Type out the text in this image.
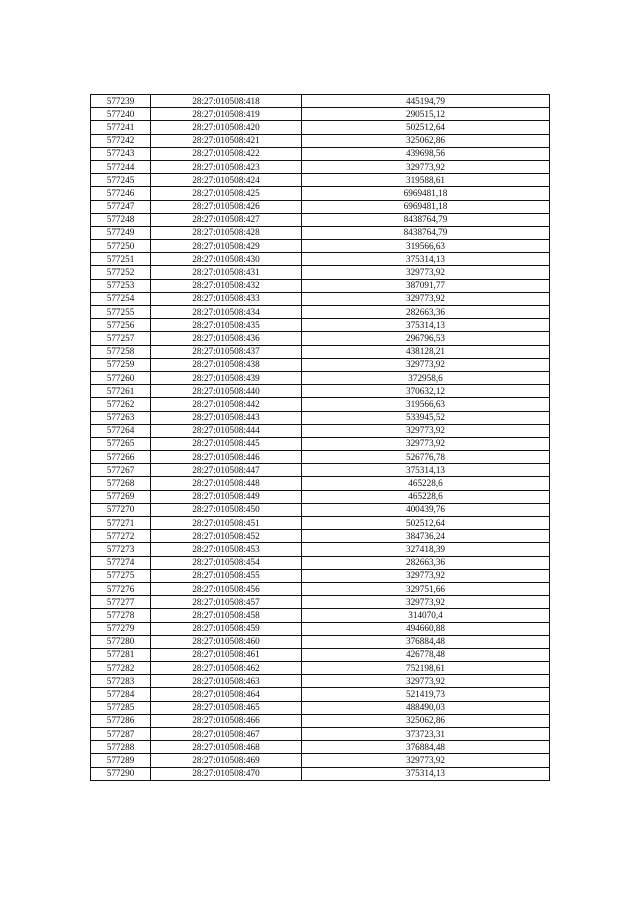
577239	28:27:010508:418	445194,79
577240	28:27:010508:419	290515,12
577241	28:27:010508:420	502512,64
577242	28:27:010508:421	325062,86
577243	28:27:010508:422	439698,56
577244	28:27:010508:423	329773,92
577245	28:27:010508:424	319588,61
577246	28:27:010508:425	6969481,18
577247	28:27:010508:426	6969481,18
577248	28:27:010508:427	8438764,79
577249	28:27:010508:428	8438764,79
577250	28:27:010508:429	319566,63
577251	28:27:010508:430	375314,13
577252	28:27:010508:431	329773,92
577253	28:27:010508:432	387091,77
577254	28:27:010508:433	329773,92
577255	28:27:010508:434	282663,36
577256	28:27:010508:435	375314,13
577257	28:27:010508:436	296796,53
577258	28:27:010508:437	438128,21
577259	28:27:010508:438	329773,92
577260	28:27:010508:439	372958,6
577261	28:27:010508:440	370632,12
577262	28:27:010508:442	319566,63
577263	28:27:010508:443	533945,52
577264	28:27:010508:444	329773,92
577265	28:27:010508:445	329773,92
577266	28:27:010508:446	526776,78
577267	28:27:010508:447	375314,13
577268	28:27:010508:448	465228,6
577269	28:27:010508:449	465228,6
577270	28:27:010508:450	400439,76
577271	28:27:010508:451	502512,64
577272	28:27:010508:452	384736,24
577273	28:27:010508:453	327418,39
577274	28:27:010508:454	282663,36
577275	28:27:010508:455	329773,92
577276	28:27:010508:456	329751,66
577277	28:27:010508:457	329773,92
577278	28:27:010508:458	314070,4
577279	28:27:010508:459	494660,88
577280	28:27:010508:460	376884,48
577281	28:27:010508:461	426778,48
577282	28:27:010508:462	752198,61
577283	28:27:010508:463	329773,92
577284	28:27:010508:464	521419,73
577285	28:27:010508:465	488490,03
577286	28:27:010508:466	325062,86
577287	28:27:010508:467	373723,31
577288	28:27:010508:468	376884,48
577289	28:27:010508:469	329773,92
577290	28:27:010508:470	375314,13
